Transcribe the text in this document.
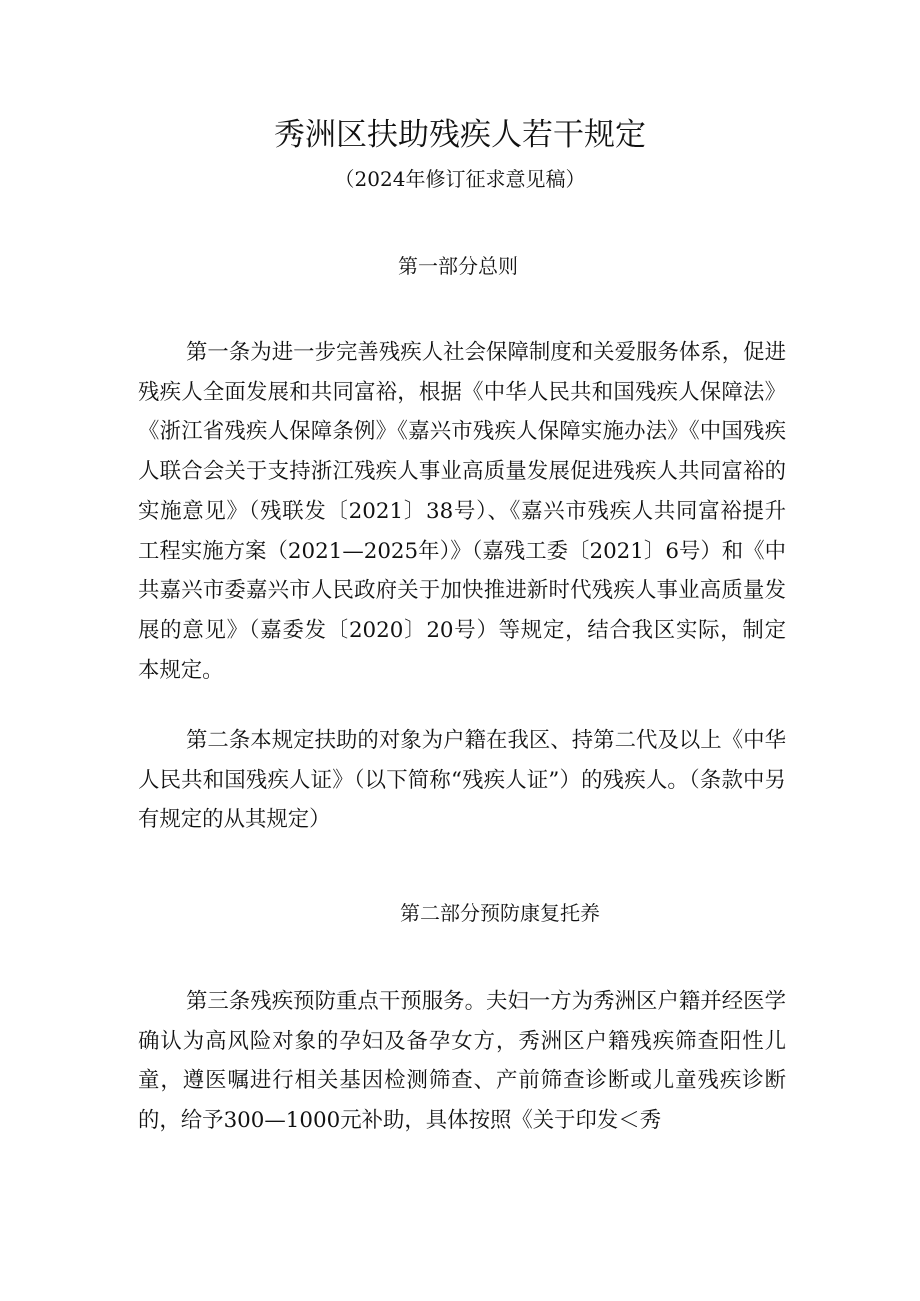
秀洲区扶助残疾人若干规定

（2024年修订征求意见稿）

第一部分总则

第一条为进一步完善残疾人社会保障制度和关爱服务体系，促进残疾人全面发展和共同富裕，根据《中华人民共和国残疾人保障法》《浙江省残疾人保障条例》《嘉兴市残疾人保障实施办法》《中国残疾人联合会关于支持浙江残疾人事业高质量发展促进残疾人共同富裕的实施意见》（残联发〔2021〕38号）、《嘉兴市残疾人共同富裕提升工程实施方案（2021—2025年）》（嘉残工委〔2021〕6号）和《中共嘉兴市委嘉兴市人民政府关于加快推进新时代残疾人事业高质量发展的意见》（嘉委发〔2020〕20号）等规定，结合我区实际，制定本规定。

第二条本规定扶助的对象为户籍在我区、持第二代及以上《中华人民共和国残疾人证》（以下简称“残疾人证”）的残疾人。（条款中另有规定的从其规定）

第二部分预防康复托养

第三条残疾预防重点干预服务。夫妇一方为秀洲区户籍并经医学确认为高风险对象的孕妇及备孕女方，秀洲区户籍残疾筛查阳性儿童，遵医嘱进行相关基因检测筛查、产前筛查诊断或儿童残疾诊断的，给予300—1000元补助，具体按照《关于印发＜秀
